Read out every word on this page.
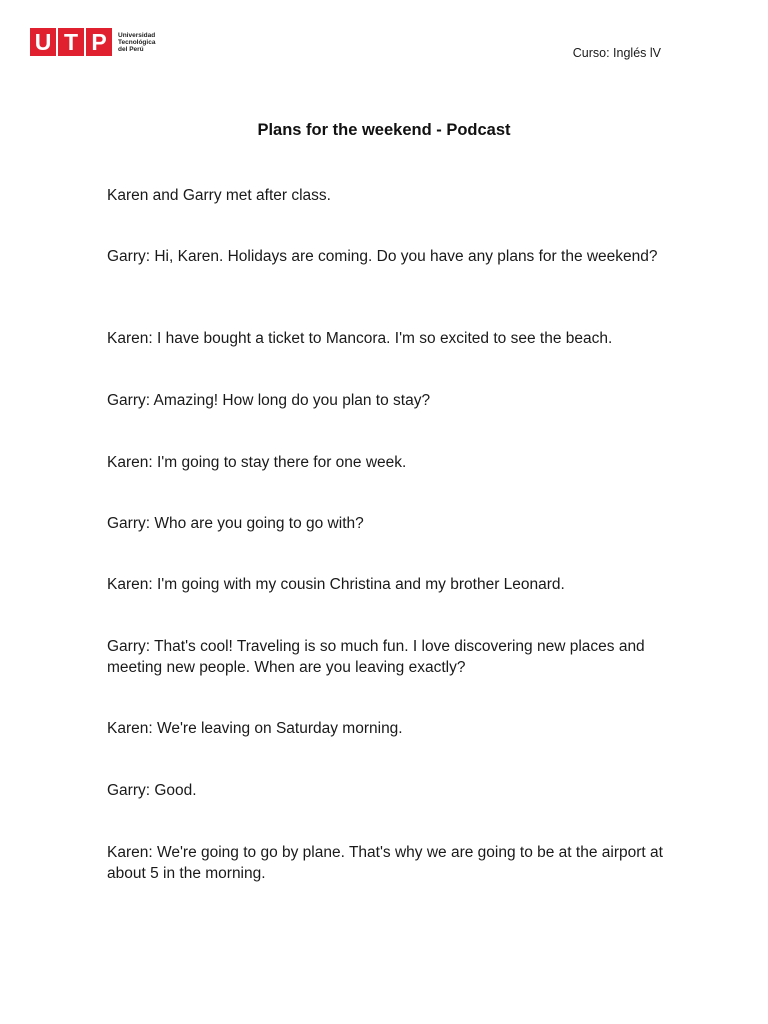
U T P	Universidad
Tecnológica
del Perú	Curso: Inglés lV
Plans for the weekend - Podcast

Karen and Garry met after class.

Garry: Hi, Karen. Holidays are coming. Do you have any plans for the weekend?

Karen: I have bought a ticket to Mancora. I'm so excited to see the beach.

Garry: Amazing! How long do you plan to stay?

Karen: I'm going to stay there for one week.

Garry: Who are you going to go with?

Karen: I'm going with my cousin Christina and my brother Leonard.

Garry: That's cool! Traveling is so much fun. I love discovering new places and meeting new people. When are you leaving exactly?

Karen: We're leaving on Saturday morning.

Garry: Good.

Karen: We're going to go by plane. That's why we are going to be at the airport at about 5 in the morning.
